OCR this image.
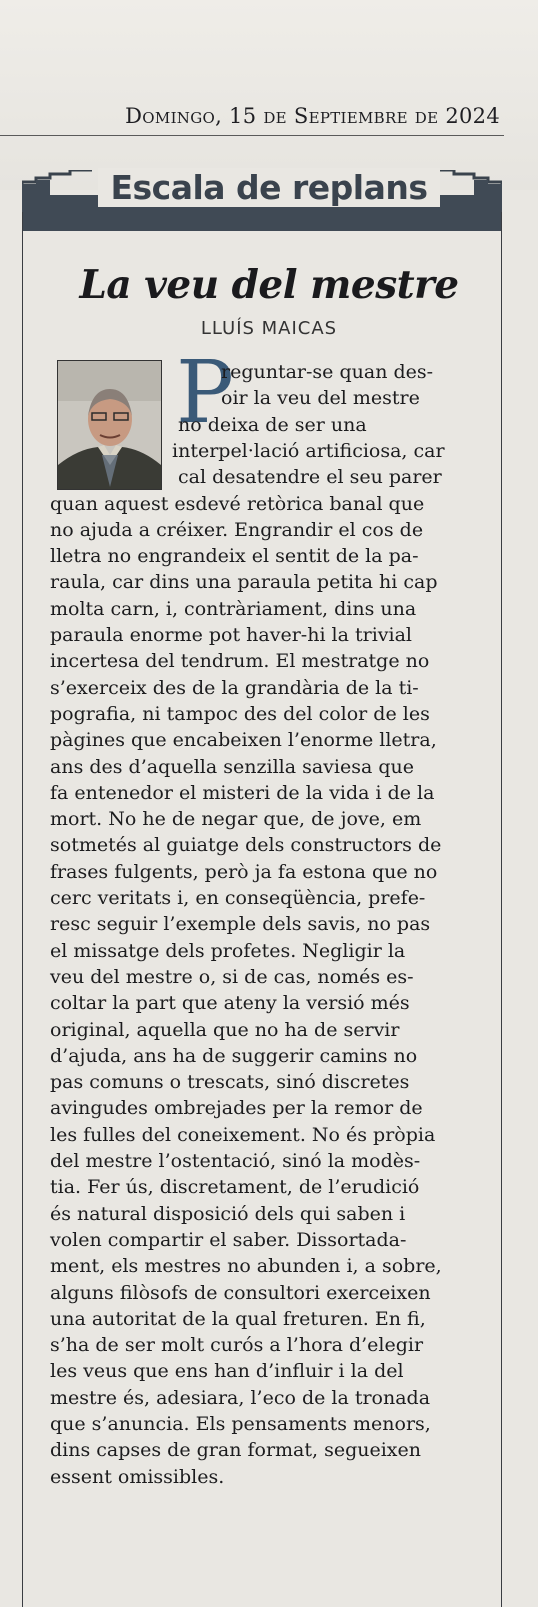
Domingo, 15 de Septiembre de 2024
Escala de replans
La veu del mestre
LLUÍS MAICAS
P
reguntar-se quan des-
oir la veu del mestre
no deixa de ser una
interpel·lació artificiosa, car
cal desatendre el seu parer
quan aquest esdevé retòrica banal que
no ajuda a créixer. Engrandir el cos de
lletra no engrandeix el sentit de la pa-
raula, car dins una paraula petita hi cap
molta carn, i, contràriament, dins una
paraula enorme pot haver-hi la trivial
incertesa del tendrum. El mestratge no
s’exerceix des de la grandària de la ti-
pografia, ni tampoc des del color de les
pàgines que encabeixen l’enorme lletra,
ans des d’aquella senzilla saviesa que
fa entenedor el misteri de la vida i de la
mort. No he de negar que, de jove, em
sotmetés al guiatge dels constructors de
frases fulgents, però ja fa estona que no
cerc veritats i, en conseqüència, prefe-
resc seguir l’exemple dels savis, no pas
el missatge dels profetes. Negligir la
veu del mestre o, si de cas, només es-
coltar la part que ateny la versió més
original, aquella que no ha de servir
d’ajuda, ans ha de suggerir camins no
pas comuns o trescats, sinó discretes
avingudes ombrejades per la remor de
les fulles del coneixement. No és pròpia
del mestre l’ostentació, sinó la modès-
tia. Fer ús, discretament, de l’erudició
és natural disposició dels qui saben i
volen compartir el saber. Dissortada-
ment, els mestres no abunden i, a sobre,
alguns filòsofs de consultori exerceixen
una autoritat de la qual freturen. En fi,
s’ha de ser molt curós a l’hora d’elegir
les veus que ens han d’influir i la del
mestre és, adesiara, l’eco de la tronada
que s’anuncia. Els pensaments menors,
dins capses de gran format, segueixen
essent omissibles.
